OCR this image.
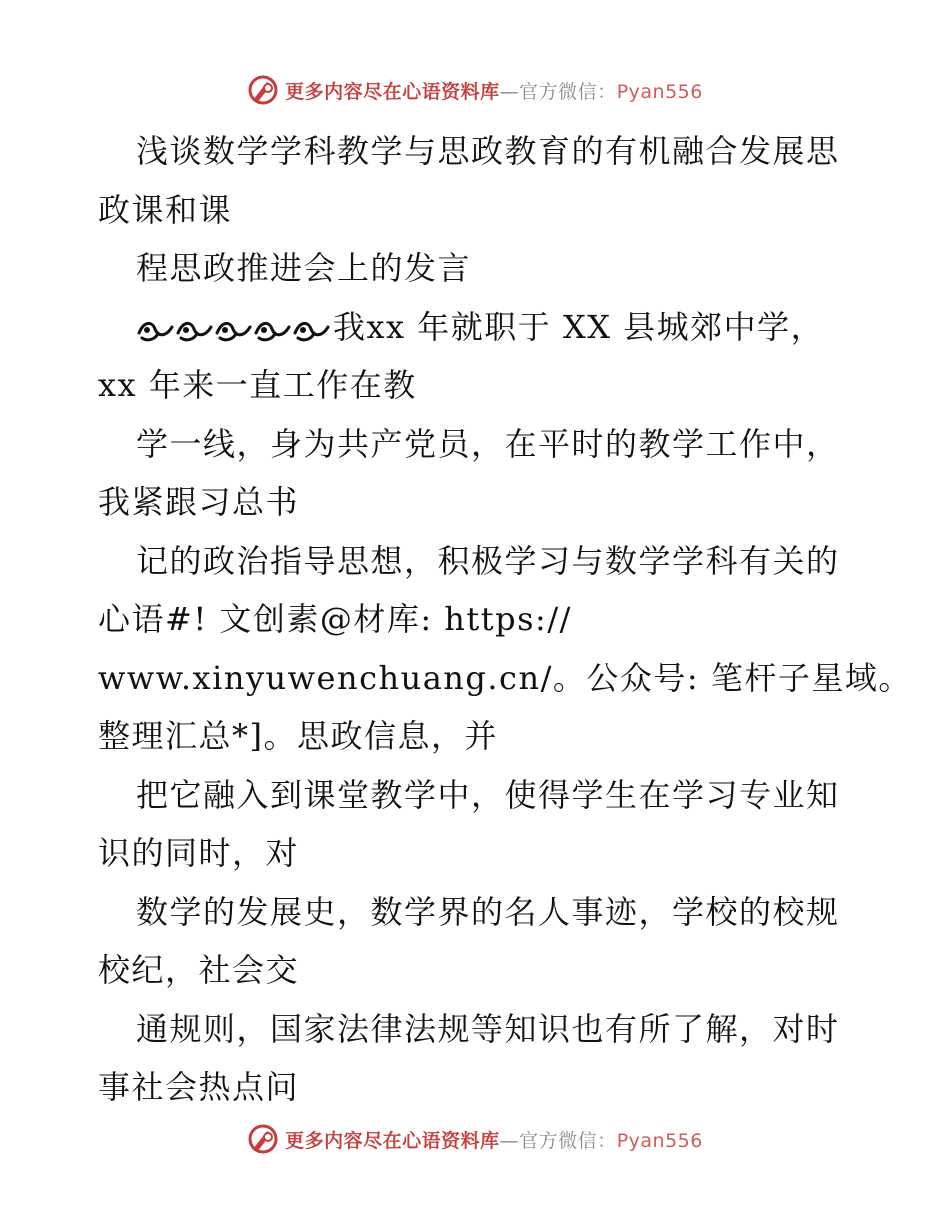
更多内容尽在心语资料库—官方微信：Pyan556
浅谈数学学科教学与思政教育的有机融合发展思
政课和课
程思政推进会上的发言
我xx 年就职于 XX 县城郊中学，
xx 年来一直工作在教
学一线，身为共产党员，在平时的教学工作中，
我紧跟习总书
记的政治指导思想，积极学习与数学学科有关的
心语#! 文创素@材库: https://
www.xinyuwenchuang.cn/。公众号: 笔杆子星域。
整理汇总*]。思政信息，并
把它融入到课堂教学中，使得学生在学习专业知
识的同时，对
数学的发展史，数学界的名人事迹，学校的校规
校纪，社会交
通规则，国家法律法规等知识也有所了解，对时
事社会热点问
更多内容尽在心语资料库—官方微信：Pyan556
